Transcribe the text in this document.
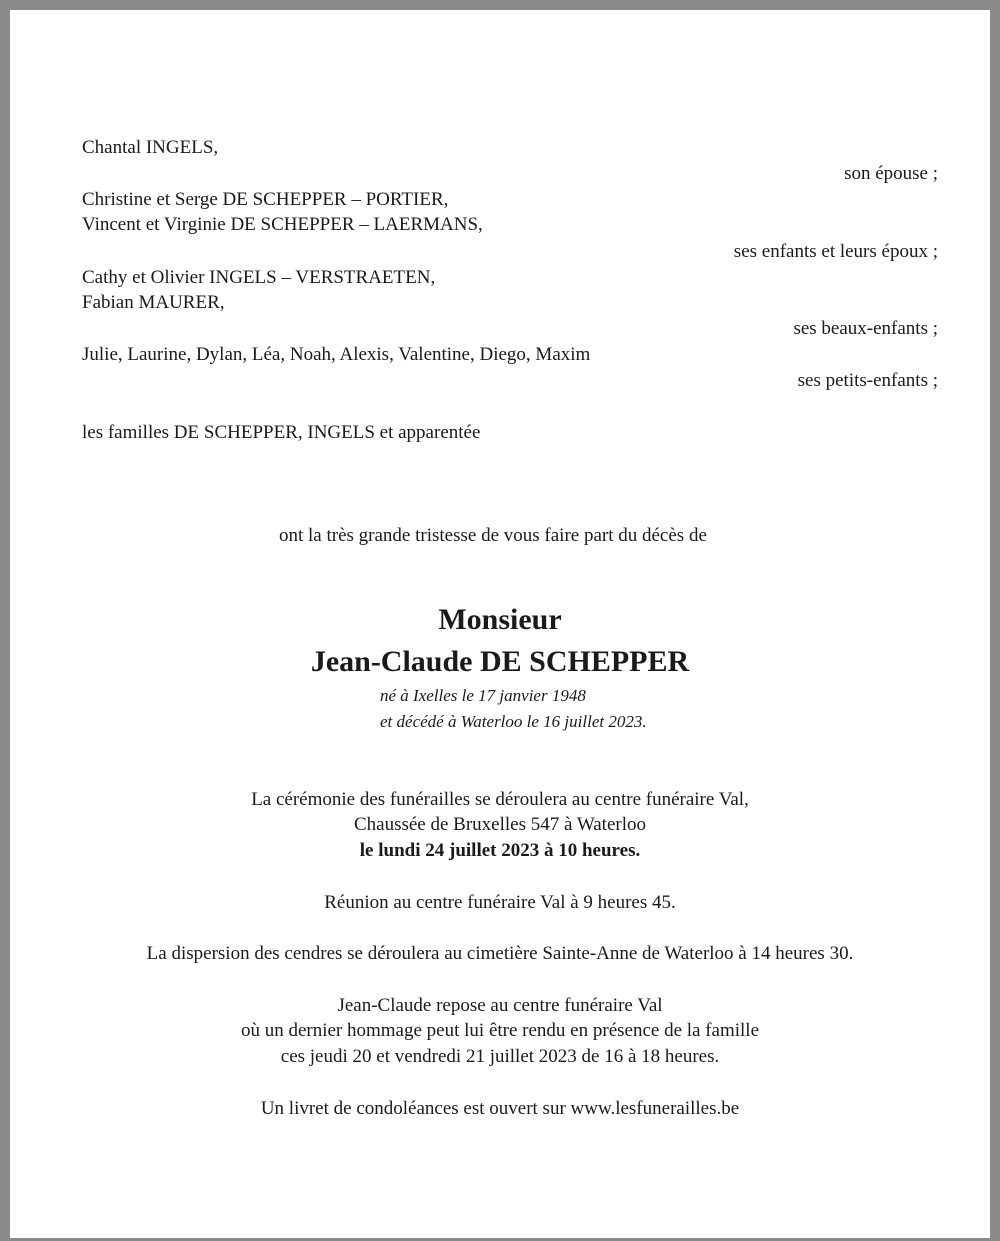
Chantal INGELS,
son épouse ;
Christine et Serge DE SCHEPPER – PORTIER,
Vincent et Virginie DE SCHEPPER – LAERMANS,
ses enfants et leurs époux ;
Cathy et Olivier INGELS – VERSTRAETEN,
Fabian MAURER,
ses beaux-enfants ;
Julie, Laurine, Dylan, Léa, Noah, Alexis, Valentine, Diego, Maxim
ses petits-enfants ;
les familles DE SCHEPPER, INGELS et apparentée
ont la très grande tristesse de vous faire part du décès de
Monsieur
Jean-Claude DE SCHEPPER
né à Ixelles le 17 janvier 1948
et décédé à Waterloo le 16 juillet 2023.
La cérémonie des funérailles se déroulera au centre funéraire Val,
Chaussée de Bruxelles 547 à Waterloo
le lundi 24 juillet 2023 à 10 heures.
Réunion au centre funéraire Val à 9 heures 45.
La dispersion des cendres se déroulera au cimetière Sainte-Anne de Waterloo à 14 heures 30.
Jean-Claude repose au centre funéraire Val
où un dernier hommage peut lui être rendu en présence de la famille
ces jeudi 20 et vendredi 21 juillet 2023 de 16 à 18 heures.
Un livret de condoléances est ouvert sur www.lesfunerailles.be
